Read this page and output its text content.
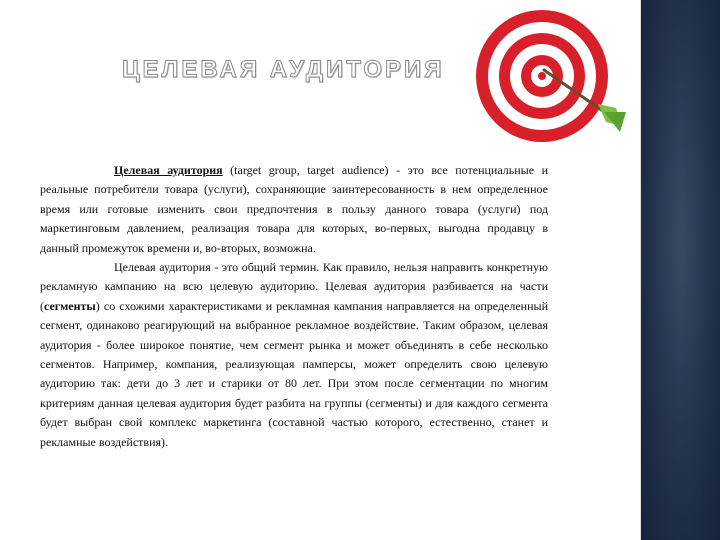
ЦЕЛЕВАЯ АУДИТОРИЯ

Целевая аудитория (target group, target audience) - это все потенциальные и реальные потребители товара (услуги), сохраняющие заинтересованность в нем определенное время или готовые изменить свои предпочтения в пользу данного товара (услуги) под маркетинговым давлением, реализация товара для которых, во-первых, выгодна продавцу в данный промежуток времени и, во-вторых, возможна.

Целевая аудитория - это общий термин. Как правило, нельзя направить конкретную рекламную кампанию на всю целевую аудиторию. Целевая аудитория разбивается на части (сегменты) со схожими характеристиками и рекламная кампания направляется на определенный сегмент, одинаково реагирующий на выбранное рекламное воздействие. Таким образом, целевая аудитория - более широкое понятие, чем сегмент рынка и может объединять в себе несколько сегментов. Например, компания, реализующая памперсы, может определить свою целевую аудиторию так: дети до 3 лет и старики от 80 лет. При этом после сегментации по многим критериям данная целевая аудитория будет разбита на группы (сегменты) и для каждого сегмента будет выбран свой комплекс маркетинга (составной частью которого, естественно, станет и рекламные воздействия).
